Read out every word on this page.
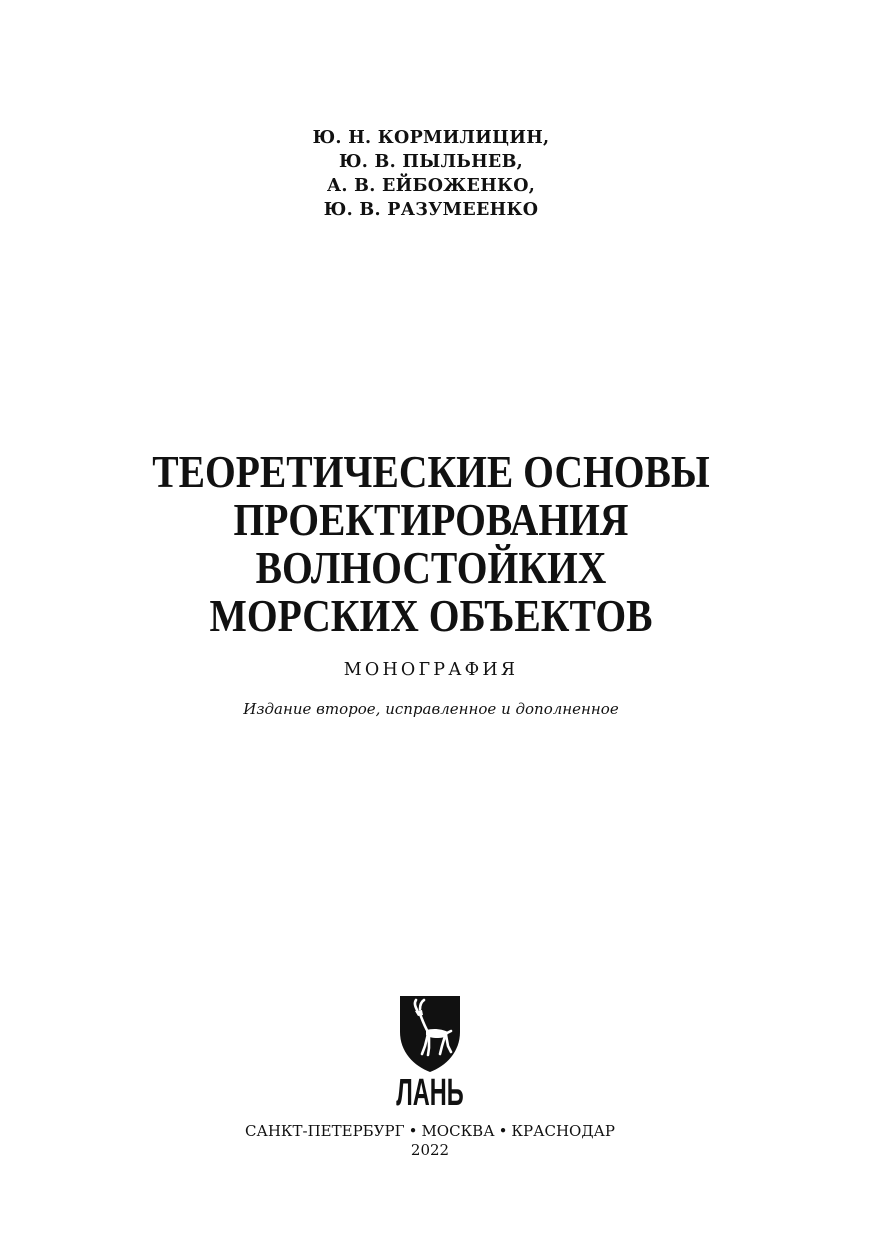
Ю. Н. КОРМИЛИЦИН,
Ю. В. ПЫЛЬНЕВ,
А. В. ЕЙБОЖЕНКО,
Ю. В. РАЗУМЕЕНКО
ТЕОРЕТИЧЕСКИЕ ОСНОВЫ
ПРОЕКТИРОВАНИЯ
ВОЛНОСТОЙКИХ
МОРСКИХ ОБЪЕКТОВ
МОНОГРАФИЯ
Издание второе, исправленное и дополненное
ЛАНЬ
САНКТ-ПЕТЕРБУРГ • МОСКВА • КРАСНОДАР
2022
